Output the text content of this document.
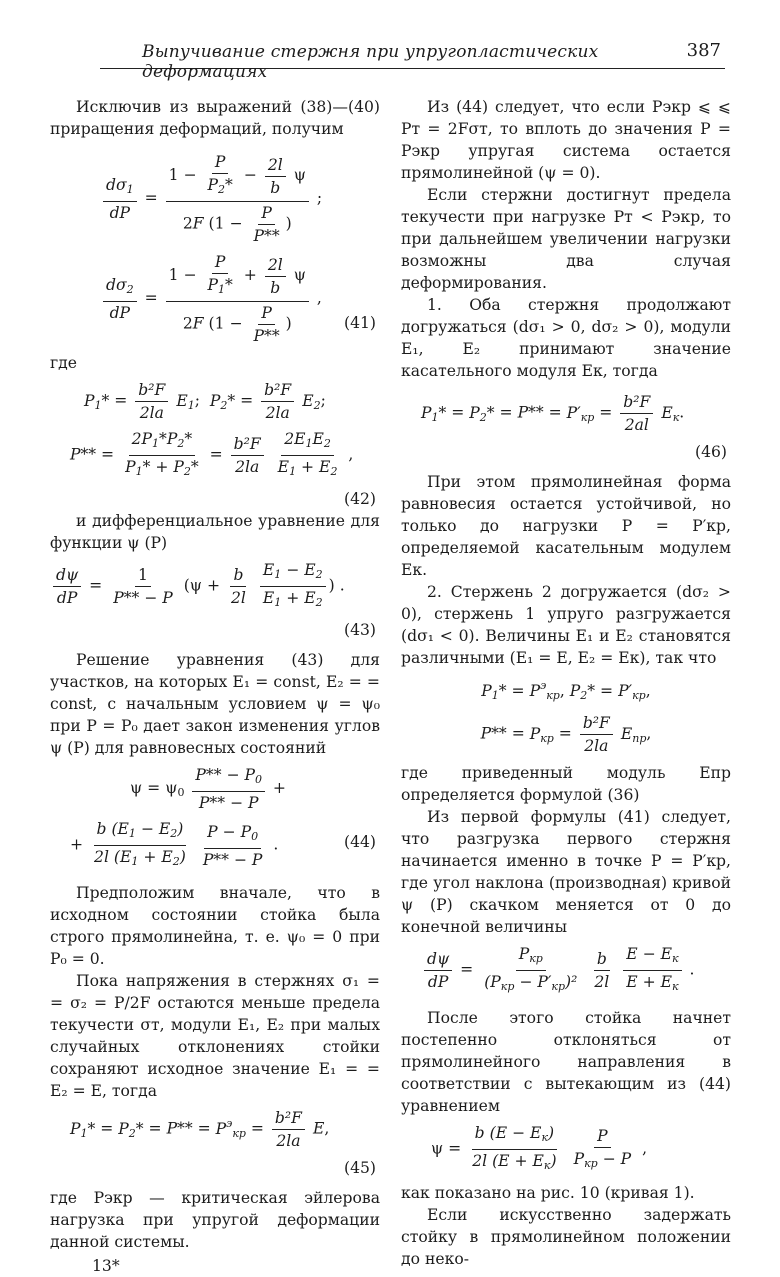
Выпучивание стержня при упругопластических деформациях
387

Исключив из выражений (38)—(40) приращения деформаций, получим

$\frac{d\sigma_1}{dP} = \frac{1 - \frac{P}{P_2*} - \frac{2l}{b} \psi}{2F (1 - \frac{P}{P**} )}$ ;
$\frac{d\sigma_2}{dP} = \frac{1 - \frac{P}{P_1*} + \frac{2l}{b} \psi}{2F (1 - \frac{P}{P**} )}$ ,
(41)

где

$P_1* = \frac{\text{b²F}}{2la} E_1$;  $P_2* = \frac{\text{b²F}}{2la} E_2$;
$P** = \frac{2P_1*P_2*}{P_1* + P_2*} = \frac{\text{b²F}}{2la}$
$\frac{2E_1E_2}{E_1 + E_2}$ ,
(42)

и дифференциальное уравнение для функции ψ (P)

$\frac{d\psi}{dP} = \frac{1}{P** - P} (\psi + \frac{b}{2l}$
$\frac{E_1 - E_2}{E_1 + E_2}$ ) .
(43)

Решение уравнения (43) для участков, на которых E₁ = const, E₂ = = const, с начальным условием ψ = ψ₀ при P = P₀ дает закон изменения углов ψ (P) для равновесных состояний

$\psi = \psi_0 \frac{P** - P_0}{P** - P}$ +
+ $\frac{b (E_1 - E_2)}{2l (E_1 + E_2)}$
$\frac{P - P_0}{P** - P}$ .	(44)

Предположим вначале, что в исходном состоянии стойка была строго прямолинейна, т. е. ψ₀ = 0 при P₀ = 0.

Пока напряжения в стержнях σ₁ = = σ₂ = P/2F остаются меньше предела текучести σт, модули E₁, E₂ при малых случайных отклонениях стойки сохраняют исходное значение E₁ = = E₂ = E, тогда

$P_1* = P_2* = P** = P^э_{кр} = \frac{\text{b²F}}{2la} E$,
(45)

где Pэкр — критическая эйлерова нагрузка при упругой деформации данной системы.

13*

Из (44) следует, что если Pэкр ⩽ ⩽ Pт = 2Fσт, то вплоть до значения P = Pэкр упругая система остается прямолинейной (ψ = 0).

Если стержни достигнут предела текучести при нагрузке Pт < Pэкр, то при дальнейшем увеличении нагрузки возможны два случая деформирования.

1. Оба стержня продолжают догружаться (dσ₁ > 0, dσ₂ > 0), модули E₁, E₂ принимают значение касательного модуля Eк, тогда

$P_1* = P_2* = P** = P'_{кр} = \frac{\text{b²F}}{2al} E_к$.
(46)

При этом прямолинейная форма равновесия остается устойчивой, но только до нагрузки P = P′кр, определяемой касательным модулем Eк.

2. Стержень 2 догружается (dσ₂ > 0), стержень 1 упруго разгружается (dσ₁ < 0). Величины E₁ и E₂ становятся различными (E₁ = E, E₂ = Eк), так что

$P_1* = P^э_{кр}$, $P_2* = P'_{кр}$,
$P** = P_{кр} = \frac{\text{b²F}}{2la} E_{пр}$,

где приведенный модуль Eпр определяется формулой (36)

Из первой формулы (41) следует, что разгрузка первого стержня начинается именно в точке P = P′кр, где угол наклона (производная) кривой ψ (P) скачком меняется от 0 до конечной величины

$\frac{d\psi}{dP} = \frac{P_{кр}}{(P_{кр} - P'_{кр})^2}$
$\frac{b}{2l}$
$\frac{E - E_к}{E + E_к}$ .

После этого стойка начнет постепенно отклоняться от прямолинейного направления в соответствии с вытекающим из (44) уравнением

$\psi = \frac{b (E - E_к)}{2l (E + E_к)}$
$\frac{P}{P_{кр} - P}$ ,

как показано на рис. 10 (кривая 1).

Если искусственно задержать стойку в прямолинейном положении до неко-
